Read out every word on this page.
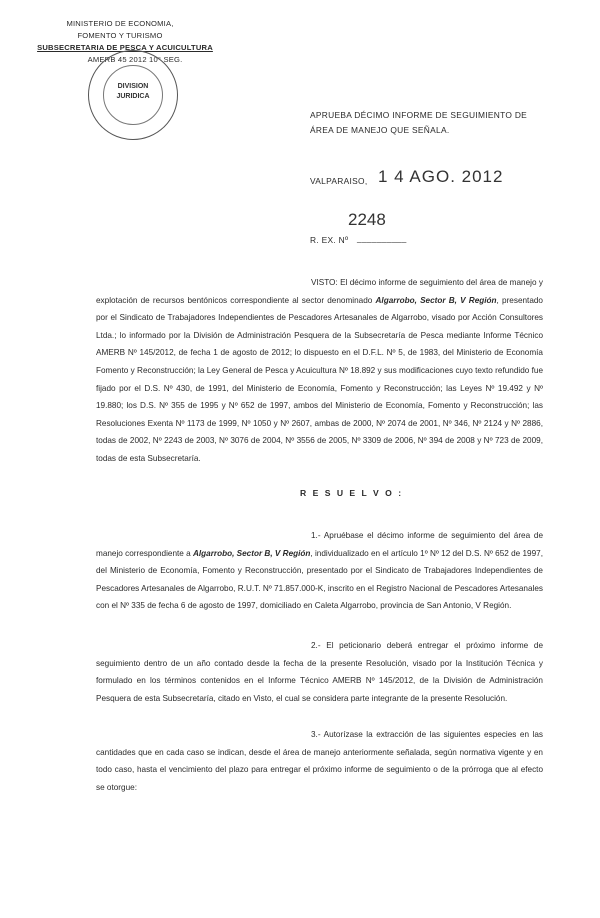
MINISTERIO DE ECONOMIA,
FOMENTO Y TURISMO
SUBSECRETARIA DE PESCA Y ACUICULTURA
AMERB 45 2012 10° SEG.
DIVISION
JURIDICA
APRUEBA DÉCIMO INFORME DE SEGUIMIENTO DE
ÁREA DE MANEJO QUE SEÑALA.
VALPARAISO, 1 4 AGO. 2012
2248
R. EX. Nº __________

VISTO: El décimo informe de seguimiento del área de manejo y explotación de recursos bentónicos correspondiente al sector denominado Algarrobo, Sector B, V Región, presentado por el Sindicato de Trabajadores Independientes de Pescadores Artesanales de Algarrobo, visado por Acción Consultores Ltda.; lo informado por la División de Administración Pesquera de la Subsecretaría de Pesca mediante Informe Técnico AMERB Nº 145/2012, de fecha 1 de agosto de 2012; lo dispuesto en el D.F.L. Nº 5, de 1983, del Ministerio de Economía Fomento y Reconstrucción; la Ley General de Pesca y Acuicultura Nº 18.892 y sus modificaciones cuyo texto refundido fue fijado por el D.S. Nº 430, de 1991, del Ministerio de Economía, Fomento y Reconstrucción; las Leyes Nº 19.492 y Nº 19.880; los D.S. Nº 355 de 1995 y Nº 652 de 1997, ambos del Ministerio de Economía, Fomento y Reconstrucción; las Resoluciones Exenta Nº 1173 de 1999, Nº 1050 y Nº 2607, ambas de 2000, Nº 2074 de 2001, Nº 346, Nº 2124 y Nº 2886, todas de 2002, Nº 2243 de 2003, Nº 3076 de 2004, Nº 3556 de 2005, Nº 3309 de 2006, Nº 394 de 2008 y Nº 723 de 2009, todas de esta Subsecretaría.

R E S U E L V O :

1.- Apruébase el décimo informe de seguimiento del área de manejo correspondiente a Algarrobo, Sector B, V Región, individualizado en el artículo 1º Nº 12 del D.S. Nº 652 de 1997, del Ministerio de Economía, Fomento y Reconstrucción, presentado por el Sindicato de Trabajadores Independientes de Pescadores Artesanales de Algarrobo, R.U.T. Nº 71.857.000-K, inscrito en el Registro Nacional de Pescadores Artesanales con el Nº 335 de fecha 6 de agosto de 1997, domiciliado en Caleta Algarrobo, provincia de San Antonio, V Región.

2.- El peticionario deberá entregar el próximo informe de seguimiento dentro de un año contado desde la fecha de la presente Resolución, visado por la Institución Técnica y formulado en los términos contenidos en el Informe Técnico AMERB Nº 145/2012, de la División de Administración Pesquera de esta Subsecretaría, citado en Visto, el cual se considera parte integrante de la presente Resolución.

3.- Autorízase la extracción de las siguientes especies en las cantidades que en cada caso se indican, desde el área de manejo anteriormente señalada, según normativa vigente y en todo caso, hasta el vencimiento del plazo para entregar el próximo informe de seguimiento o de la prórroga que al efecto se otorgue:
